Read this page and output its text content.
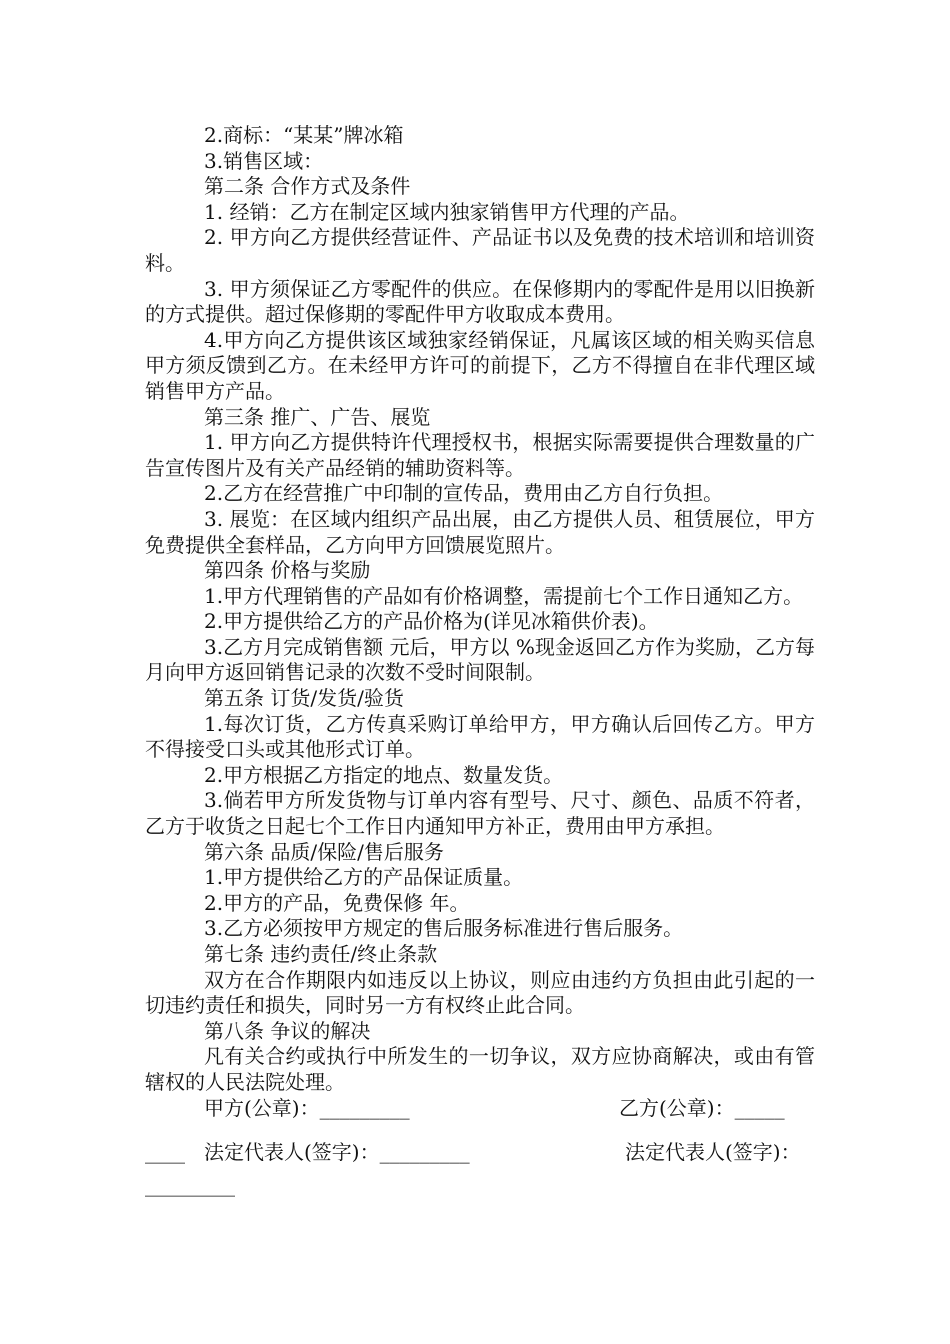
2.商标：“某某”牌冰箱

3.销售区域：

第二条 合作方式及条件

1. 经销：乙方在制定区域内独家销售甲方代理的产品。

2. 甲方向乙方提供经营证件、产品证书以及免费的技术培训和培训资料。

3. 甲方须保证乙方零配件的供应。在保修期内的零配件是用以旧换新的方式提供。超过保修期的零配件甲方收取成本费用。

4.甲方向乙方提供该区域独家经销保证，凡属该区域的相关购买信息甲方须反馈到乙方。在未经甲方许可的前提下，乙方不得擅自在非代理区域销售甲方产品。

第三条 推广、广告、展览

1. 甲方向乙方提供特许代理授权书，根据实际需要提供合理数量的广告宣传图片及有关产品经销的辅助资料等。

2.乙方在经营推广中印制的宣传品，费用由乙方自行负担。

3. 展览：在区域内组织产品出展，由乙方提供人员、租赁展位，甲方免费提供全套样品，乙方向甲方回馈展览照片。

第四条 价格与奖励

1.甲方代理销售的产品如有价格调整，需提前七个工作日通知乙方。

2.甲方提供给乙方的产品价格为(详见冰箱供价表)。

3.乙方月完成销售额 元后，甲方以 %现金返回乙方作为奖励，乙方每月向甲方返回销售记录的次数不受时间限制。

第五条 订货/发货/验货

1.每次订货，乙方传真采购订单给甲方，甲方确认后回传乙方。甲方不得接受口头或其他形式订单。

2.甲方根据乙方指定的地点、数量发货。

3.倘若甲方所发货物与订单内容有型号、尺寸、颜色、品质不符者，乙方于收货之日起七个工作日内通知甲方补正，费用由甲方承担。

第六条 品质/保险/售后服务

1.甲方提供给乙方的产品保证质量。

2.甲方的产品，免费保修 年。

3.乙方必须按甲方规定的售后服务标准进行售后服务。

第七条 违约责任/终止条款

双方在合作期限内如违反以上协议，则应由违约方负担由此引起的一切违约责任和损失，同时另一方有权终止此合同。

第八条 争议的解决

凡有关合约或执行中所发生的一切争议，双方应协商解决，或由有管辖权的人民法院处理。

甲方(公章)：_________	乙方(公章)：_____
____ 法定代表人(签字)：_________	法定代表人(签字)：
_________
